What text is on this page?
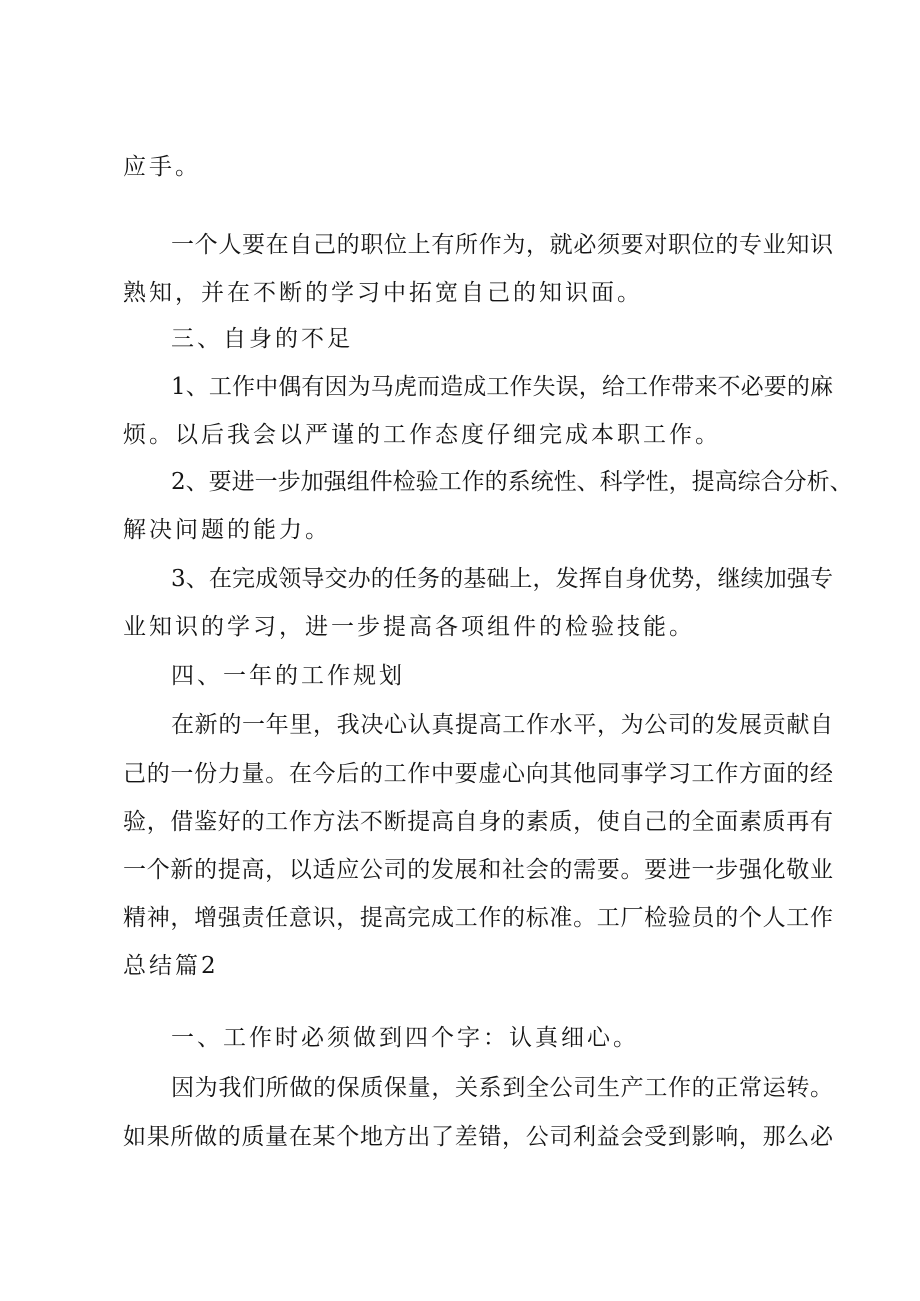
应手。
一个人要在自己的职位上有所作为，就必须要对职位的专业知识
熟知，并在不断的学习中拓宽自己的知识面。
三、自身的不足
1、工作中偶有因为马虎而造成工作失误，给工作带来不必要的麻
烦。以后我会以严谨的工作态度仔细完成本职工作。
2、要进一步加强组件检验工作的系统性、科学性，提高综合分析、
解决问题的能力。
3、在完成领导交办的任务的基础上，发挥自身优势，继续加强专
业知识的学习，进一步提高各项组件的检验技能。
四、一年的工作规划
在新的一年里，我决心认真提高工作水平，为公司的发展贡献自
己的一份力量。在今后的工作中要虚心向其他同事学习工作方面的经
验，借鉴好的工作方法不断提高自身的素质，使自己的全面素质再有
一个新的提高，以适应公司的发展和社会的需要。要进一步强化敬业
精神，增强责任意识，提高完成工作的标准。工厂检验员的个人工作
总结篇2
一、工作时必须做到四个字：认真细心。
因为我们所做的保质保量，关系到全公司生产工作的正常运转。
如果所做的质量在某个地方出了差错，公司利益会受到影响，那么必
